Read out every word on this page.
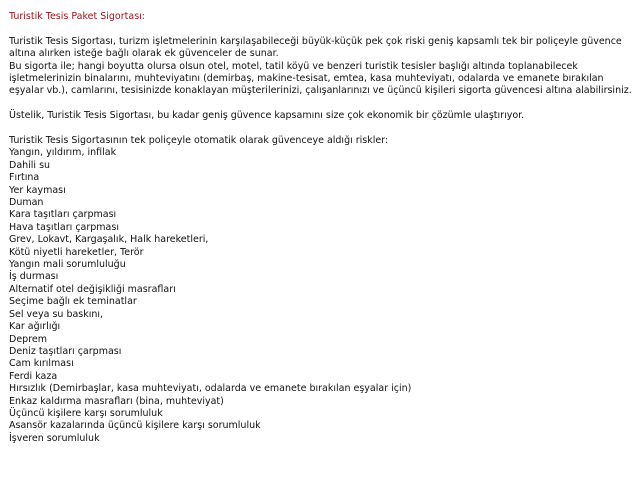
Turistik Tesis Paket Sigortası:

Turistik Tesis Sigortası, turizm işletmelerinin karşılaşabileceği büyük-küçük pek çok riski geniş kapsamlı tek bir poliçeyle güvence altına alırken isteğe bağlı olarak ek güvenceler de sunar.

Bu sigorta ile; hangi boyutta olursa olsun otel, motel, tatil köyü ve benzeri turistik tesisler başlığı altında toplanabilecek işletmelerinizin binalarını, muhteviyatını (demirbaş, makine-tesisat, emtea, kasa muhteviyatı, odalarda ve emanete bırakılan eşyalar vb.), camlarını, tesisinizde konaklayan müşterilerinizi, çalışanlarınızı ve üçüncü kişileri sigorta güvencesi altına alabilirsiniz.

Üstelik, Turistik Tesis Sigortası, bu kadar geniş güvence kapsamını size çok ekonomik bir çözümle ulaştırıyor.

Turistik Tesis Sigortasının tek poliçeyle otomatik olarak güvenceye aldığı riskler:

Yangın, yıldırım, infilak
Dahili su
Fırtına
Yer kayması
Duman
Kara taşıtları çarpması
Hava taşıtları çarpması
Grev, Lokavt, Kargaşalık, Halk hareketleri,
Kötü niyetli hareketler, Terör
Yangın mali sorumluluğu
İş durması
Alternatif otel değişikliği masrafları
Seçime bağlı ek teminatlar
Sel veya su baskını,
Kar ağırlığı
Deprem
Deniz taşıtları çarpması
Cam kırılması
Ferdi kaza
Hırsızlık (Demirbaşlar, kasa muhteviyatı, odalarda ve emanete bırakılan eşyalar için)
Enkaz kaldırma masrafları (bina, muhteviyat)
Üçüncü kişilere karşı sorumluluk
Asansör kazalarında üçüncü kişilere karşı sorumluluk
İşveren sorumluluk
